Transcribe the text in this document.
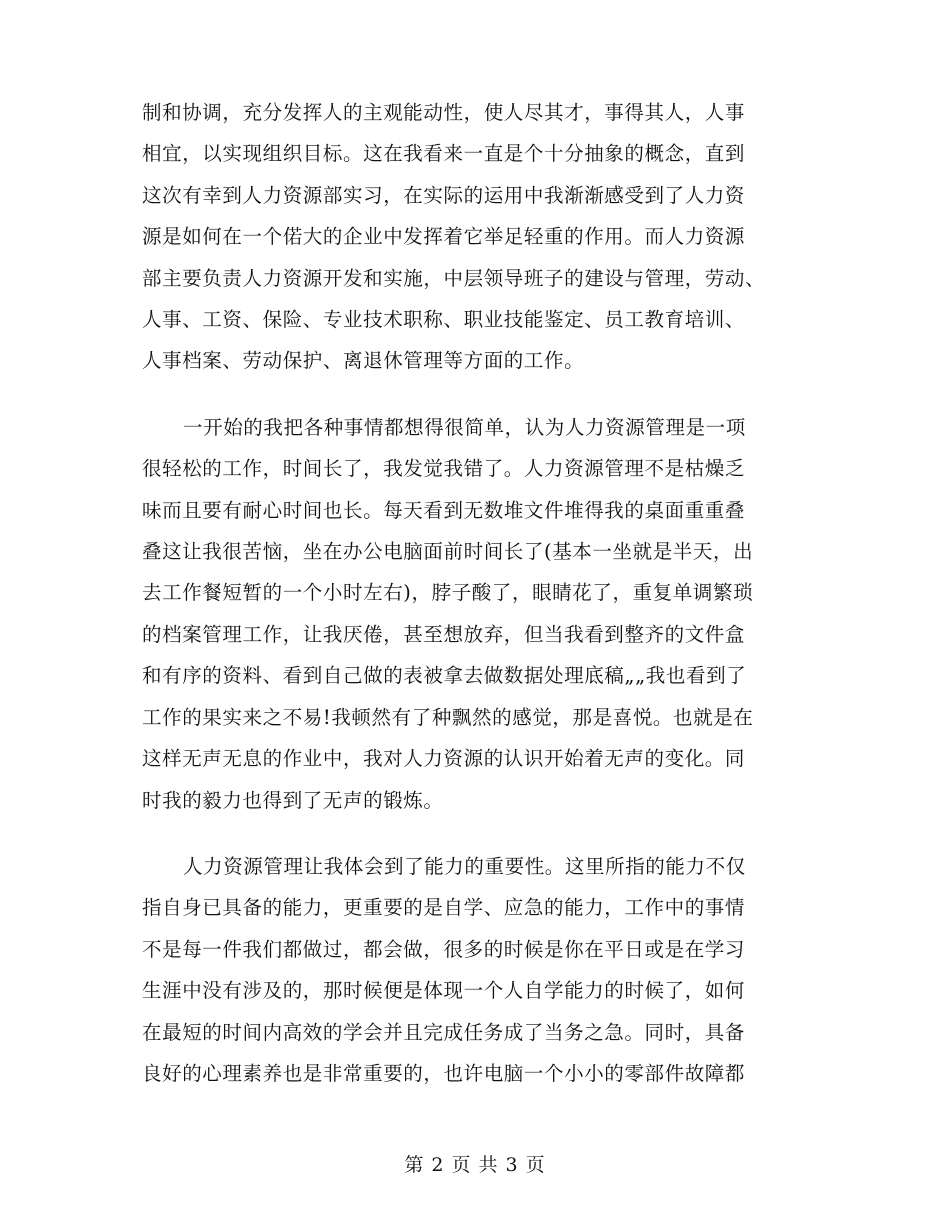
制和协调，充分发挥人的主观能动性，使人尽其才，事得其人，人事
相宜，以实现组织目标。这在我看来一直是个十分抽象的概念，直到
这次有幸到人力资源部实习，在实际的运用中我渐渐感受到了人力资
源是如何在一个偌大的企业中发挥着它举足轻重的作用。而人力资源
部主要负责人力资源开发和实施，中层领导班子的建设与管理，劳动、
人事、工资、保险、专业技术职称、职业技能鉴定、员工教育培训、
人事档案、劳动保护、离退休管理等方面的工作。

一开始的我把各种事情都想得很简单，认为人力资源管理是一项
很轻松的工作，时间长了，我发觉我错了。人力资源管理不是枯燥乏
味而且要有耐心时间也长。每天看到无数堆文件堆得我的桌面重重叠
叠这让我很苦恼，坐在办公电脑面前时间长了(基本一坐就是半天，出
去工作餐短暂的一个小时左右)，脖子酸了，眼睛花了，重复单调繁琐
的档案管理工作，让我厌倦，甚至想放弃，但当我看到整齐的文件盒
和有序的资料、看到自己做的表被拿去做数据处理底稿„„我也看到了
工作的果实来之不易!我顿然有了种飘然的感觉，那是喜悦。也就是在
这样无声无息的作业中，我对人力资源的认识开始着无声的变化。同
时我的毅力也得到了无声的锻炼。

人力资源管理让我体会到了能力的重要性。这里所指的能力不仅
指自身已具备的能力，更重要的是自学、应急的能力，工作中的事情
不是每一件我们都做过，都会做，很多的时候是你在平日或是在学习
生涯中没有涉及的，那时候便是体现一个人自学能力的时候了，如何
在最短的时间内高效的学会并且完成任务成了当务之急。同时，具备
良好的心理素养也是非常重要的，也许电脑一个小小的零部件故障都

第 2 页 共 3 页
